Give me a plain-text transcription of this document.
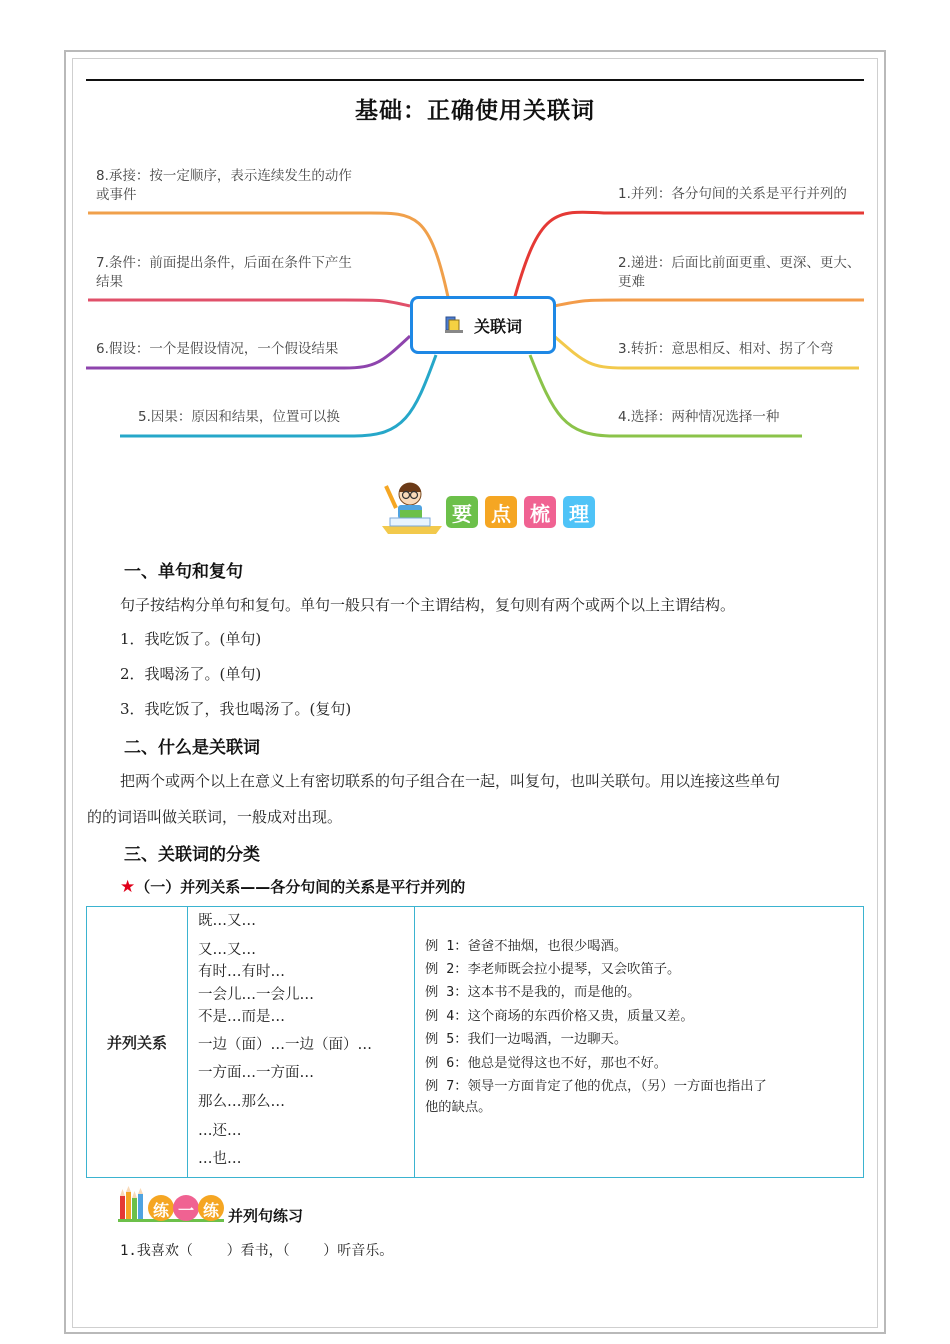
基础：正确使用关联词
1.并列：各分句间的关系是平行并列的
2.递进：后面比前面更重、更深、更大、更难
3.转折：意思相反、相对、拐了个弯
4.选择：两种情况选择一种
5.因果：原因和结果，位置可以换
6.假设：一个是假设情况，一个假设结果
7.条件：前面提出条件，后面在条件下产生结果
8.承接：按一定顺序，表示连续发生的动作或事件
关联词
要 点 梳 理
一、单句和复句
句子按结构分单句和复句。单句一般只有一个主谓结构，复句则有两个或两个以上主谓结构。
1．我吃饭了。(单句)
2．我喝汤了。(单句)
3．我吃饭了，我也喝汤了。(复句)
二、什么是关联词
把两个或两个以上在意义上有密切联系的句子组合在一起，叫复句，也叫关联句。用以连接这些单句
的的词语叫做关联词，一般成对出现。
三、关联词的分类
★（一）并列关系——各分句间的关系是平行并列的
并列关系
既…又…
又…又…
有时…有时…
一会儿…一会儿…
不是…而是…
一边（面）…一边（面）…
一方面…一方面…
那么…那么…
…还…
…也…
例 1：爸爸不抽烟，也很少喝酒。
例 2：李老师既会拉小提琴，又会吹笛子。
例 3：这本书不是我的，而是他的。
例 4：这个商场的东西价格又贵，质量又差。
例 5：我们一边喝酒，一边聊天。
例 6：他总是觉得这也不好，那也不好。
例 7：领导一方面肯定了他的优点，（另）一方面也指出了
他的缺点。
练 一 练 并列句练习
1.我喜欢（    ）看书，（    ）听音乐。
